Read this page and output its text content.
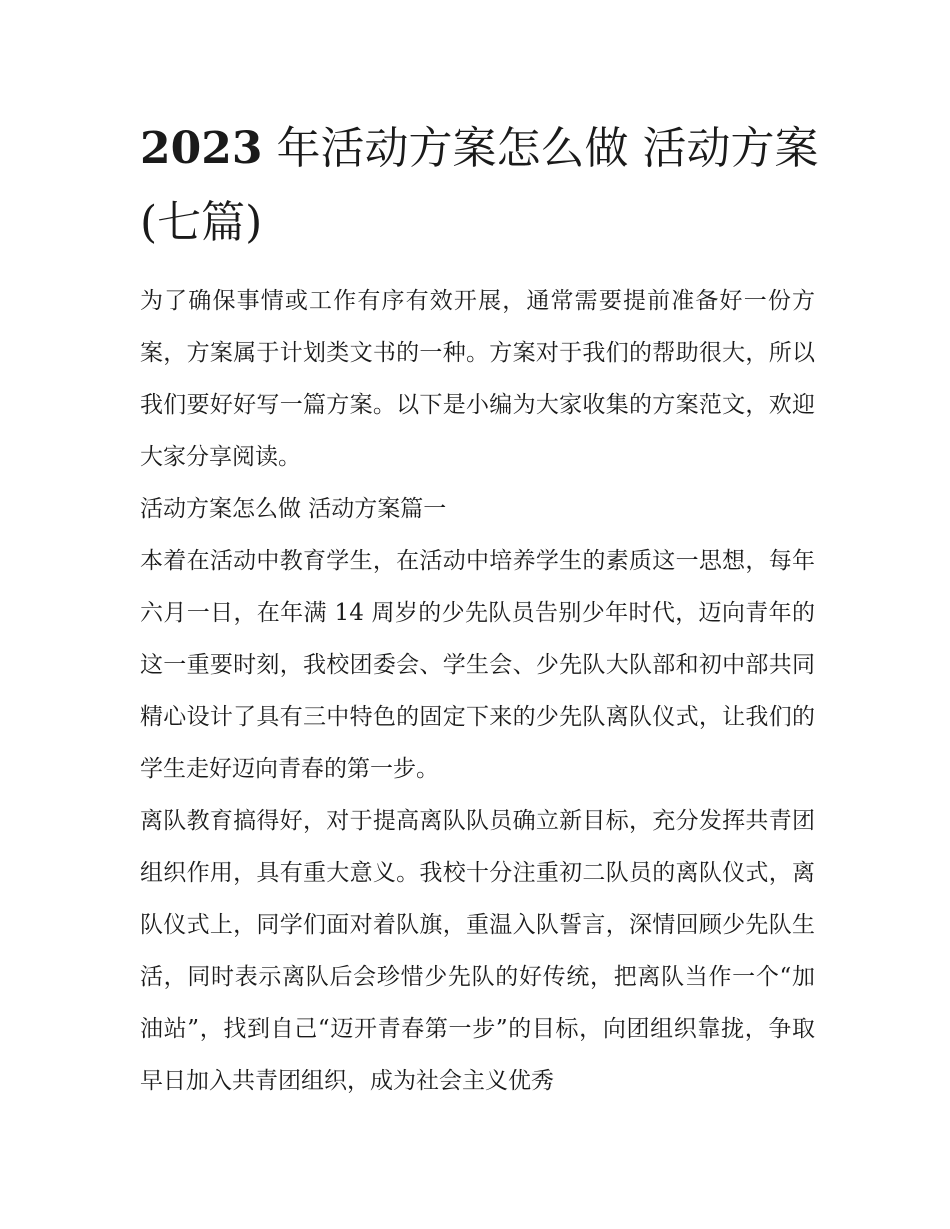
2023 年活动方案怎么做 活动方案(七篇)

为了确保事情或工作有序有效开展，通常需要提前准备好一份方案，方案属于计划类文书的一种。方案对于我们的帮助很大，所以我们要好好写一篇方案。以下是小编为大家收集的方案范文，欢迎大家分享阅读。

活动方案怎么做 活动方案篇一

本着在活动中教育学生，在活动中培养学生的素质这一思想，每年六月一日，在年满 14 周岁的少先队员告别少年时代，迈向青年的这一重要时刻，我校团委会、学生会、少先队大队部和初中部共同精心设计了具有三中特色的固定下来的少先队离队仪式，让我们的学生走好迈向青春的第一步。

离队教育搞得好，对于提高离队队员确立新目标，充分发挥共青团组织作用，具有重大意义。我校十分注重初二队员的离队仪式，离队仪式上，同学们面对着队旗，重温入队誓言，深情回顾少先队生活，同时表示离队后会珍惜少先队的好传统，把离队当作一个“加油站”，找到自己“迈开青春第一步”的目标，向团组织靠拢，争取早日加入共青团组织，成为社会主义优秀
